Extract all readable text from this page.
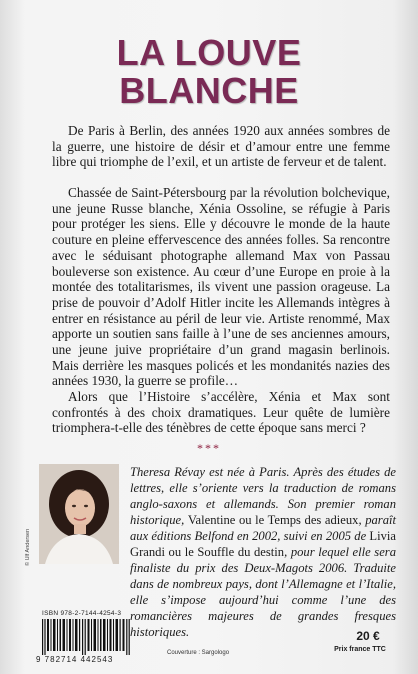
LA LOUVE
BLANCHE

De Paris à Berlin, des années 1920 aux années sombres de la guerre, une histoire de désir et d’amour entre une femme libre qui triomphe de l’exil, et un artiste de ferveur et de talent.

Chassée de Saint-Pétersbourg par la révolution bolchevique, une jeune Russe blanche, Xénia Ossoline, se réfugie à Paris pour protéger les siens. Elle y découvre le monde de la haute couture en pleine effervescence des années folles. Sa rencontre avec le séduisant photographe allemand Max von Passau bouleverse son existence. Au cœur d’une Europe en proie à la montée des totalitarismes, ils vivent une passion orageuse. La prise de pouvoir d’Adolf Hitler incite les Allemands intègres à entrer en résistance au péril de leur vie. Artiste renommé, Max apporte un soutien sans faille à l’une de ses anciennes amours, une jeune juive propriétaire d’un grand magasin berlinois. Mais derrière les masques policés et les mondanités nazies des années 1930, la guerre se profile…

Alors que l’Histoire s’accélère, Xénia et Max sont confrontés à des choix dramatiques. Leur quête de lumière triomphera-t-elle des ténèbres de cette époque sans merci ?

***
© Ulf Andersen

Theresa Révay est née à Paris. Après des études de lettres, elle s’oriente vers la traduction de romans anglo-saxons et allemands. Son premier roman historique, Valentine ou le Temps des adieux, paraît aux éditions Belfond en 2002, suivi en 2005 de Livia Grandi ou le Souffle du destin, pour lequel elle sera finaliste du prix des Deux-Magots 2006. Traduite dans de nombreux pays, dont l’Allemagne et l’Italie, elle s’impose aujourd’hui comme l’une des romancières majeures de grandes fresques historiques.

ISBN 978-2-7144-4254-3
9 782714 442543
Couverture : Sargologo
20 €
Prix france TTC
